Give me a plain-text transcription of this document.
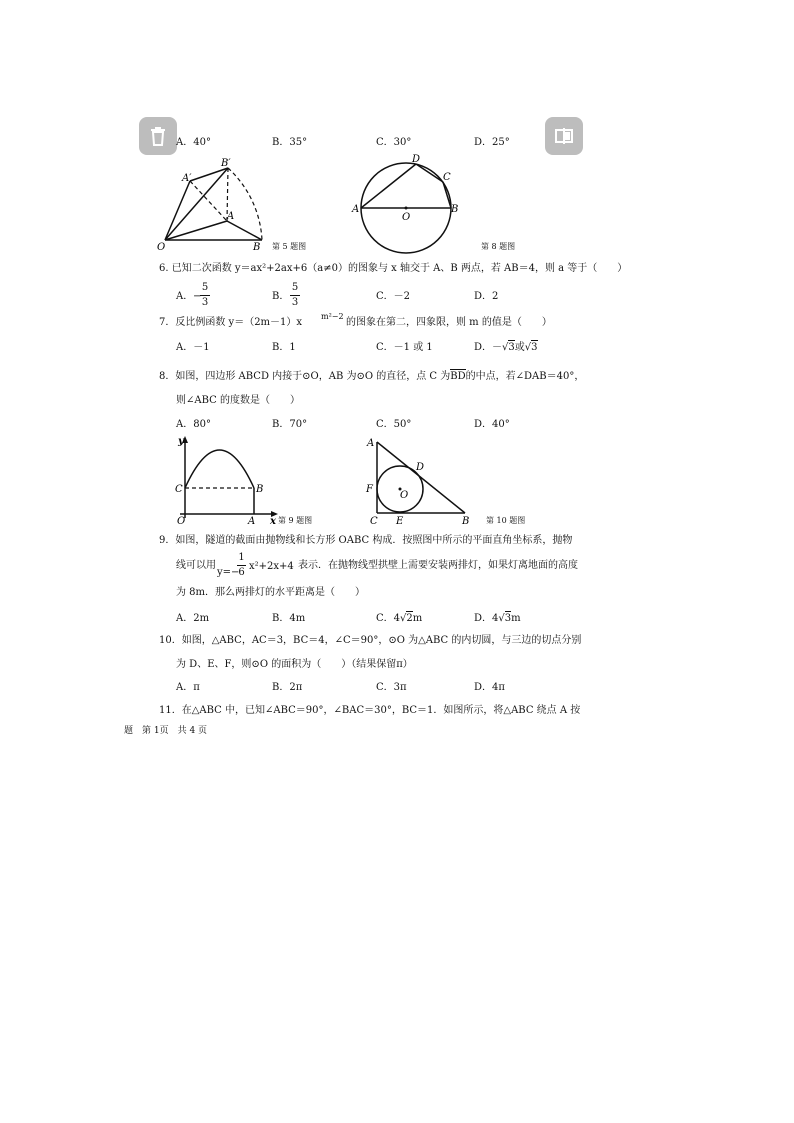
A．40°	B．35°	C．30°	D．25°
A′
B′
A
O	B 第 5 题图
D
C
A
O
B
第 8 题图
6. 已知二次函数 y＝ax²+2ax+6（a≠0）的图象与 x 轴交于 A、B 两点，若 AB＝4，则 a 等于（　　）
A． −
5
3
B．
5
3
C．－2	D．2
7．反比例函数 y＝（2m－1）x
m²−2
的图象在第二，四象限，则 m 的值是（　　）
A．－1	B．1	C．－1 或 1	D．－√3或√3
8．如图，四边形 ABCD 内接于⊙O，AB 为⊙O 的直径，点 C 为BD的中点，若∠DAB＝40°，
则∠ABC 的度数是（　　）
A．80°	B．70°	C．50°	D．40°
y
C	B
O	A x 第 9 题图
A
D
F
O
C E	B 第 10 题图
9．如图，隧道的截面由抛物线和长方形 OABC 构成．按照图中所示的平面直角坐标系，抛物
线可以用
y=−
1
6
x²+2x+4 表示．在抛物线型拱壁上需要安装两排灯，如果灯离地面的高度
为 8m．那么两排灯的水平距离是（　　）
A．2m	B．4m	C．4√2m	D．4√3m
10．如图，△ABC，AC＝3，BC＝4，∠C＝90°，⊙O 为△ABC 的内切圆，与三边的切点分别
为 D、E、F，则⊙O 的面积为（　　）（结果保留π）
A．π	B．2π	C．3π	D．4π
11．在△ABC 中，已知∠ABC＝90°，∠BAC＝30°，BC＝1．如图所示，将△ABC 绕点 A 按
题　第 1页　共 4 页
